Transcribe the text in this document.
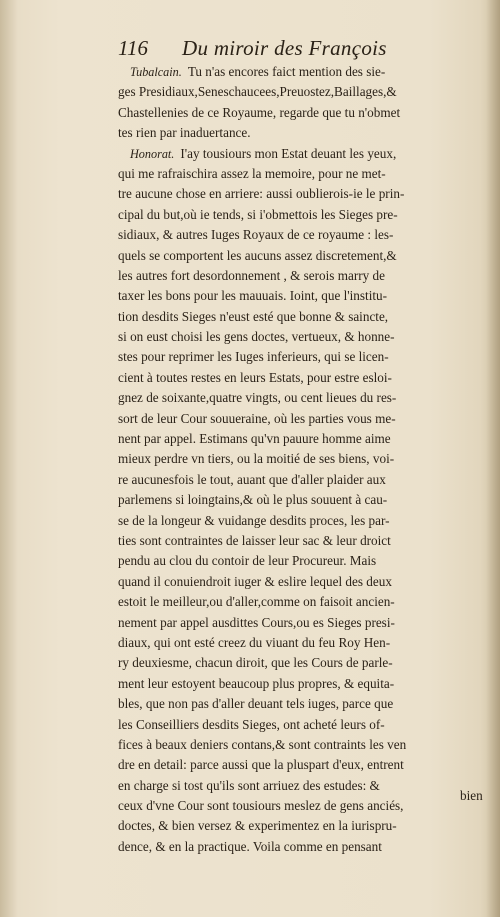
116 Du miroir des François
Tubalcain. Tu n'as encores faict mention des sie-
ges Presidiaux,Seneschaucees,Preuostez,Baillages,&
Chastellenies de ce Royaume, regarde que tu n'obmet
tes rien par inaduertance.
Honorat. I'ay tousiours mon Estat deuant les yeux,
qui me rafraischira assez la memoire, pour ne met-
tre aucune chose en arriere: aussi oublierois-ie le prin-
cipal du but,où ie tends, si i'obmettois les Sieges pre-
sidiaux, & autres Iuges Royaux de ce royaume : les-
quels se comportent les aucuns assez discretement,&
les autres fort desordonnement , & serois marry de
taxer les bons pour les mauuais. Ioint, que l'institu-
tion desdits Sieges n'eust esté que bonne & saincte,
si on eust choisi les gens doctes, vertueux, & honne-
stes pour reprimer les Iuges inferieurs, qui se licen-
cient à toutes restes en leurs Estats, pour estre esloi-
gnez de soixante,quatre vingts, ou cent lieues du res-
sort de leur Cour souueraine, où les parties vous me-
nent par appel. Estimans qu'vn pauure homme aime
mieux perdre vn tiers, ou la moitié de ses biens, voi-
re aucunesfois le tout, auant que d'aller plaider aux
parlemens si loingtains,& où le plus souuent à cau-
se de la longeur & vuidange desdits proces, les par-
ties sont contraintes de laisser leur sac & leur droict
pendu au clou du contoir de leur Procureur. Mais
quand il conuiendroit iuger & eslire lequel des deux
estoit le meilleur,ou d'aller,comme on faisoit ancien-
nement par appel ausdittes Cours,ou es Sieges presi-
diaux, qui ont esté creez du viuant du feu Roy Hen-
ry deuxiesme, chacun diroit, que les Cours de parle-
ment leur estoyent beaucoup plus propres, & equita-
bles, que non pas d'aller deuant tels iuges, parce que
les Conseilliers desdits Sieges, ont acheté leurs of-
fices à beaux deniers contans,& sont contraints les ven
dre en detail: parce aussi que la pluspart d'eux, entrent
en charge si tost qu'ils sont arriuez des estudes: &
ceux d'vne Cour sont tousiours meslez de gens anciés,
doctes, & bien versez & experimentez en la iurispru-
dence, & en la practique. Voila comme en pensant
bien
